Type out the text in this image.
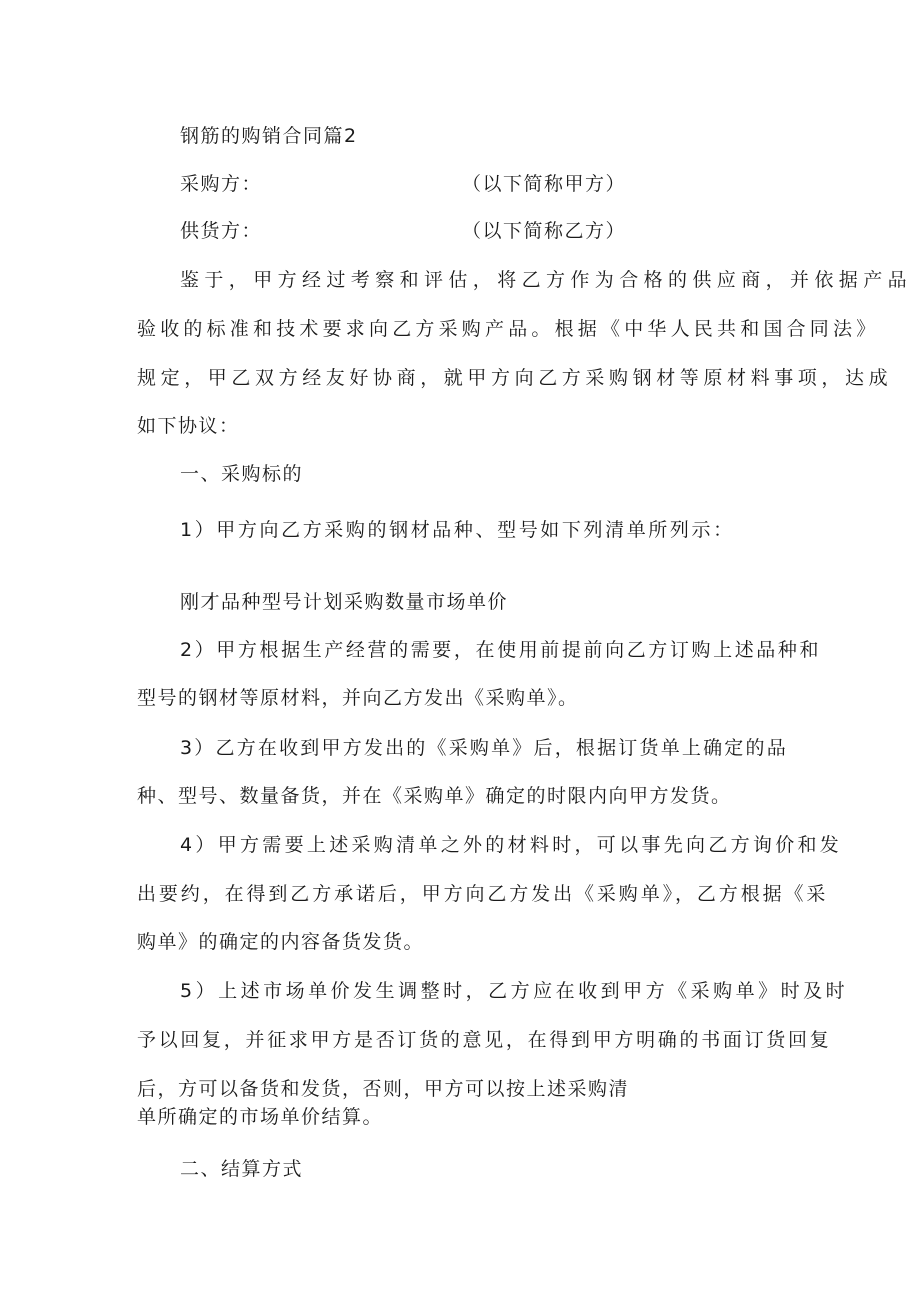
钢筋的购销合同篇2
采购方：	（以下简称甲方）
供货方：	（以下简称乙方）
鉴于，甲方经过考察和评估，将乙方作为合格的供应商，并依据产品
验收的标准和技术要求向乙方采购产品。根据《中华人民共和国合同法》
规定，甲乙双方经友好协商，就甲方向乙方采购钢材等原材料事项，达成
如下协议：
一、采购标的
1）甲方向乙方采购的钢材品种、型号如下列清单所列示：
刚才品种型号计划采购数量市场单价
2）甲方根据生产经营的需要，在使用前提前向乙方订购上述品种和
型号的钢材等原材料，并向乙方发出《采购单》。
3）乙方在收到甲方发出的《采购单》后，根据订货单上确定的品
种、型号、数量备货，并在《采购单》确定的时限内向甲方发货。
4）甲方需要上述采购清单之外的材料时，可以事先向乙方询价和发
出要约，在得到乙方承诺后，甲方向乙方发出《采购单》，乙方根据《采
购单》的确定的内容备货发货。
5）上述市场单价发生调整时，乙方应在收到甲方《采购单》时及时
予以回复，并征求甲方是否订货的意见，在得到甲方明确的书面订货回复
后，方可以备货和发货，否则，甲方可以按上述采购清
单所确定的市场单价结算。
二、结算方式
